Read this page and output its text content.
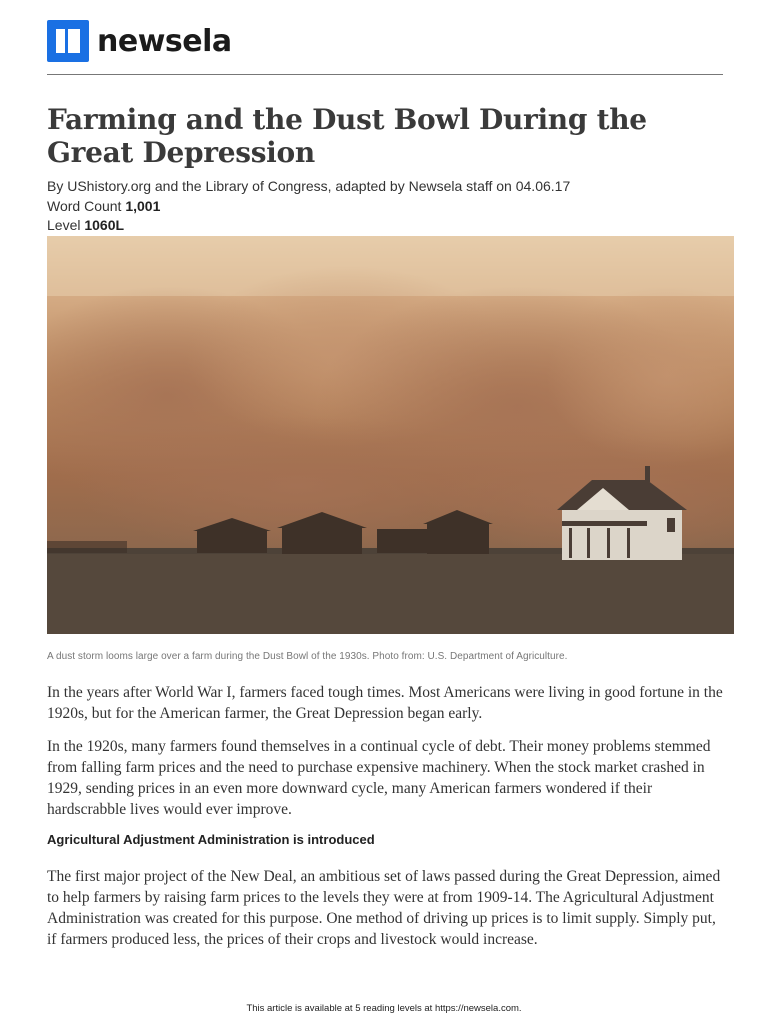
newsela
Farming and the Dust Bowl During the Great Depression
By UShistory.org and the Library of Congress, adapted by Newsela staff on 04.06.17
Word Count 1,001
Level 1060L
A dust storm looms large over a farm during the Dust Bowl of the 1930s. Photo from: U.S. Department of Agriculture.

In the years after World War I, farmers faced tough times. Most Americans were living in good fortune in the 1920s, but for the American farmer, the Great Depression began early.

In the 1920s, many farmers found themselves in a continual cycle of debt. Their money problems stemmed from falling farm prices and the need to purchase expensive machinery. When the stock market crashed in 1929, sending prices in an even more downward cycle, many American farmers wondered if their hardscrabble lives would ever improve.

Agricultural Adjustment Administration is introduced

The first major project of the New Deal, an ambitious set of laws passed during the Great Depression, aimed to help farmers by raising farm prices to the levels they were at from 1909-14. The Agricultural Adjustment Administration was created for this purpose. One method of driving up prices is to limit supply. Simply put, if farmers produced less, the prices of their crops and livestock would increase.

This article is available at 5 reading levels at https://newsela.com.
